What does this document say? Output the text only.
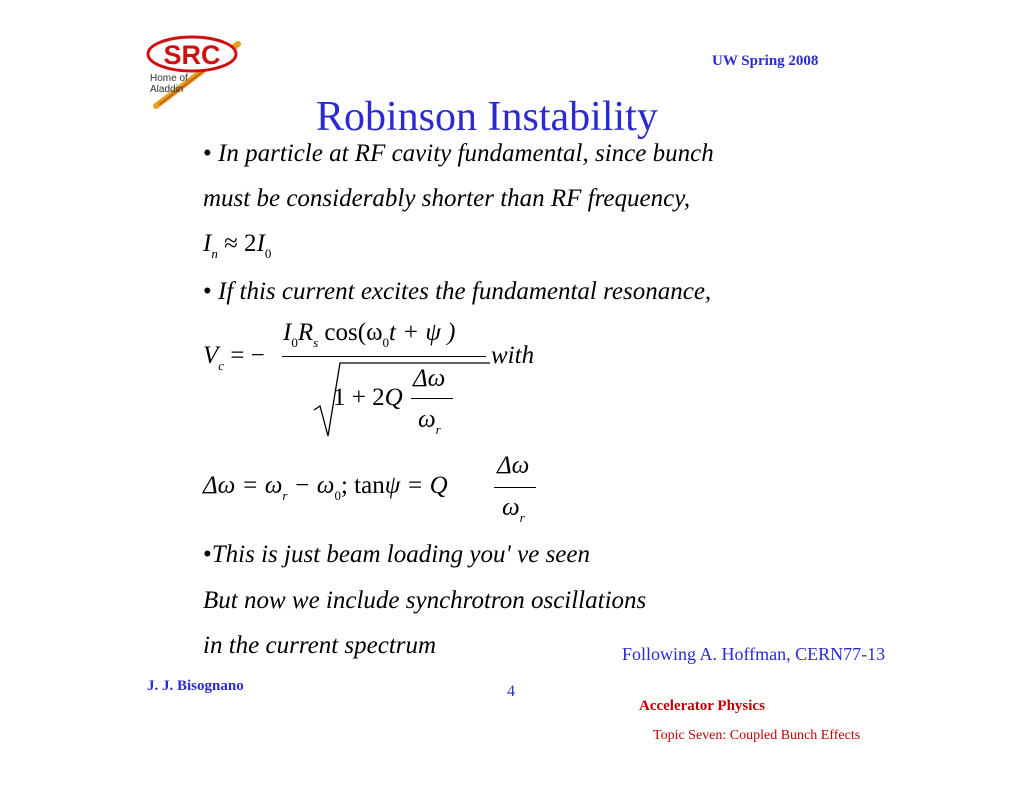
SRC
Home of
Aladdin
UW Spring 2008
Robinson Instability
• In particle at RF cavity fundamental, since bunch
must be considerably shorter than RF frequency,
$I_n \approx 2I_0$
• If this current excites the fundamental resonance,
$V_c$ = −
$I_0R_s$ $\cos(\omega_0t + \psi$ )
1 + 2Q
Δω
$\omega_r$
with
$\Delta\omega = \omega_r - \omega_0$; tanψ = Q
Δω
$\omega_r$
•This is just beam loading you' ve seen
But now we include synchrotron oscillations
in the current spectrum	Following A. Hoffman, CERN77-13
J. J. Bisognano	4
Accelerator Physics
Topic Seven: Coupled Bunch Effects
